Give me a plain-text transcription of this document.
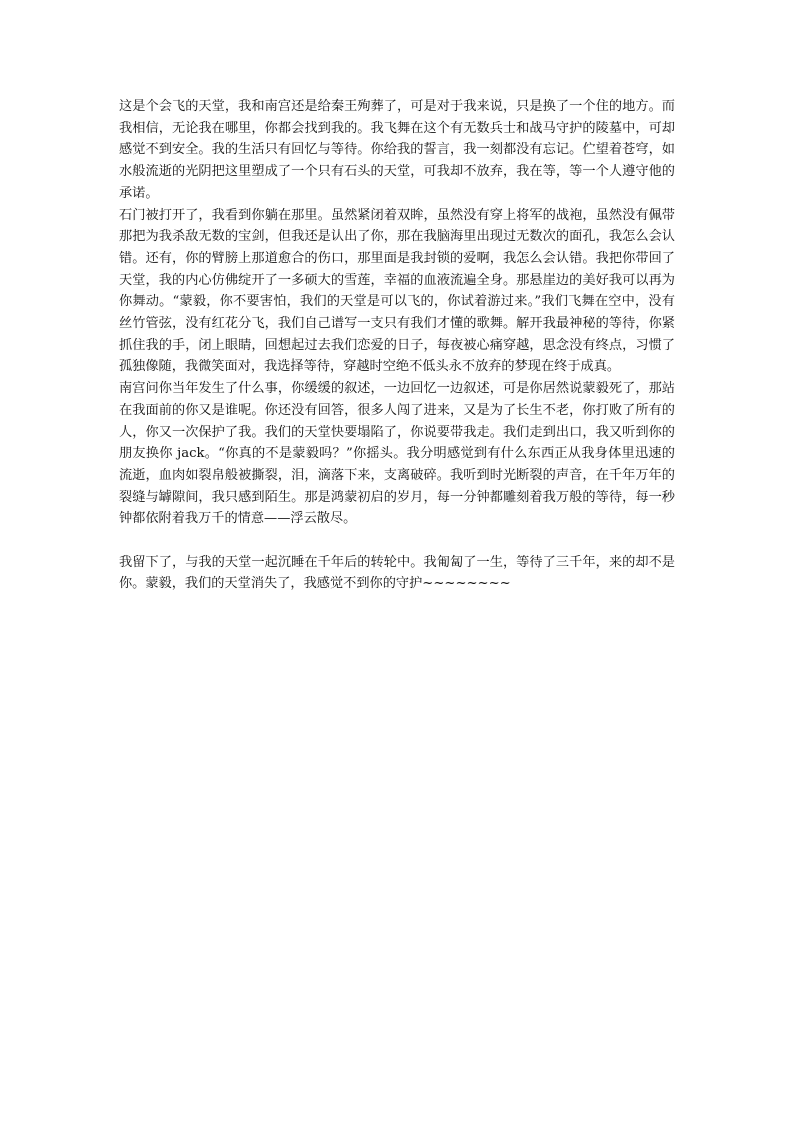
这是个会飞的天堂，我和南宫还是给秦王殉葬了，可是对于我来说，只是换了一个住的地方。而我相信，无论我在哪里，你都会找到我的。我飞舞在这个有无数兵士和战马守护的陵墓中，可却感觉不到安全。我的生活只有回忆与等待。你给我的誓言，我一刻都没有忘记。伫望着苍穹，如水般流逝的光阴把这里塑成了一个只有石头的天堂，可我却不放弃，我在等，等一个人遵守他的承诺。

石门被打开了，我看到你躺在那里。虽然紧闭着双眸，虽然没有穿上将军的战袍，虽然没有佩带那把为我杀敌无数的宝剑，但我还是认出了你，那在我脑海里出现过无数次的面孔，我怎么会认错。还有，你的臂膀上那道愈合的伤口，那里面是我封锁的爱啊，我怎么会认错。我把你带回了天堂，我的内心仿佛绽开了一多硕大的雪莲，幸福的血液流遍全身。那悬崖边的美好我可以再为你舞动。“蒙毅，你不要害怕，我们的天堂是可以飞的，你试着游过来。”我们飞舞在空中，没有丝竹管弦，没有红花分飞，我们自己谱写一支只有我们才懂的歌舞。解开我最神秘的等待，你紧抓住我的手，闭上眼睛，回想起过去我们恋爱的日子，每夜被心痛穿越，思念没有终点，习惯了孤独像随，我微笑面对，我选择等待，穿越时空绝不低头永不放弃的梦现在终于成真。

南宫问你当年发生了什么事，你缓缓的叙述，一边回忆一边叙述，可是你居然说蒙毅死了，那站在我面前的你又是谁呢。你还没有回答，很多人闯了进来，又是为了长生不老，你打败了所有的人，你又一次保护了我。我们的天堂快要塌陷了，你说要带我走。我们走到出口，我又听到你的朋友换你 jack。“你真的不是蒙毅吗？”你摇头。我分明感觉到有什么东西正从我身体里迅速的流逝，血肉如裂帛般被撕裂，泪，滴落下来，支离破碎。我听到时光断裂的声音，在千年万年的裂缝与罅隙间，我只感到陌生。那是鸿蒙初启的岁月，每一分钟都雕刻着我万般的等待，每一秒钟都依附着我万千的情意——浮云散尽。

我留下了，与我的天堂一起沉睡在千年后的转轮中。我匍匐了一生，等待了三千年，来的却不是你。蒙毅，我们的天堂消失了，我感觉不到你的守护~~~~~~~~
